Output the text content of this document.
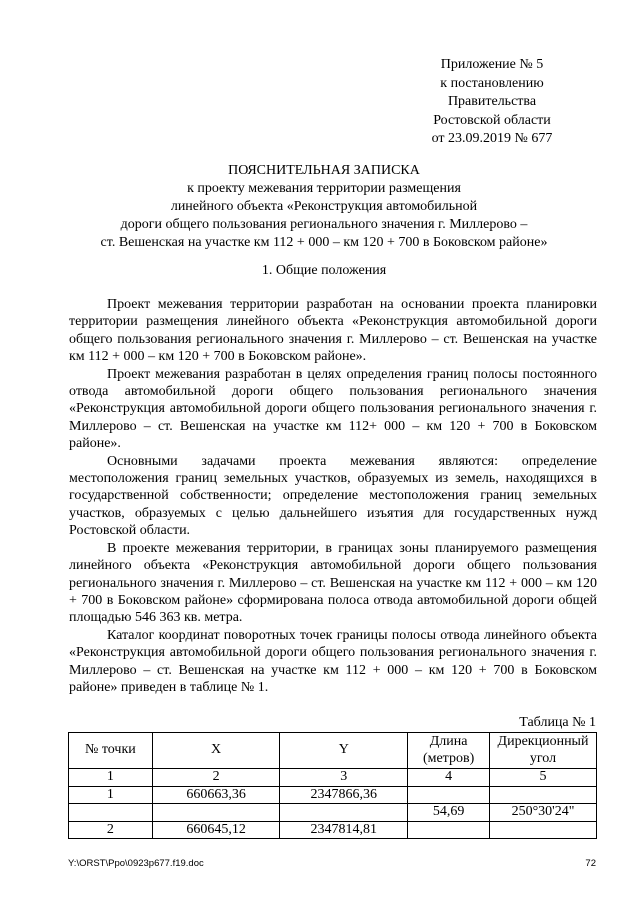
Приложение № 5
к постановлению
Правительства
Ростовской области
от 23.09.2019 № 677
ПОЯСНИТЕЛЬНАЯ ЗАПИСКА
к проекту межевания территории размещения
линейного объекта «Реконструкция автомобильной
дороги общего пользования регионального значения г. Миллерово –
ст. Вешенская на участке км 112 + 000 – км 120 + 700 в Боковском районе»
1. Общие положения

Проект межевания территории разработан на основании проекта планировки территории размещения линейного объекта «Реконструкция автомобильной дороги общего пользования регионального значения г. Миллерово – ст. Вешенская на участке км 112 + 000 – км 120 + 700 в Боковском районе».

Проект межевания разработан в целях определения границ полосы постоянного отвода автомобильной дороги общего пользования регионального значения «Реконструкция автомобильной дороги общего пользования регионального значения г. Миллерово – ст. Вешенская на участке км 112+ 000 – км 120 + 700 в Боковском районе».

Основными задачами проекта межевания являются: определение местоположения границ земельных участков, образуемых из земель, находящихся в государственной собственности; определение местоположения границ земельных участков, образуемых с целью дальнейшего изъятия для государственных нужд Ростовской области.

В проекте межевания территории, в границах зоны планируемого размещения линейного объекта «Реконструкция автомобильной дороги общего пользования регионального значения г. Миллерово – ст. Вешенская на участке км 112 + 000 – км 120 + 700 в Боковском районе» сформирована полоса отвода автомобильной дороги общей площадью 546 363 кв. метра.

Каталог координат поворотных точек границы полосы отвода линейного объекта «Реконструкция автомобильной дороги общего пользования регионального значения г. Миллерово – ст. Вешенская на участке км 112 + 000 – км 120 + 700 в Боковском районе» приведен в таблице № 1.

Таблица № 1
№ точки	X	Y	Длина (метров)	Дирекционный угол
1	2	3	4	5
1	660663,36	2347866,36		
			54,69	250°30'24"
2	660645,12	2347814,81		
Y:\ORST\Ppo\0923p677.f19.doc	72
